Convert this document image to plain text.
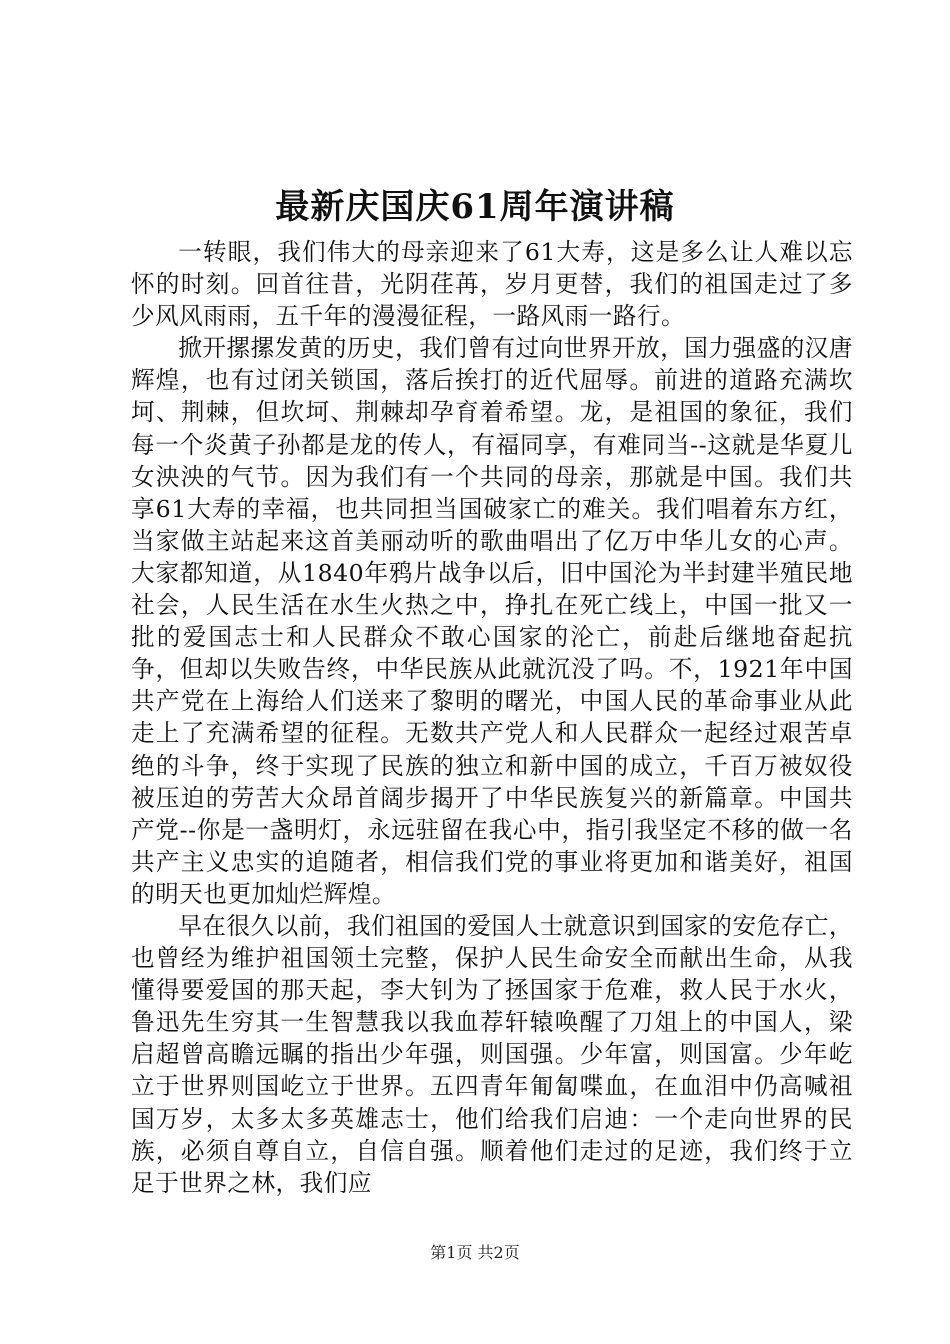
最新庆国庆61周年演讲稿

一转眼，我们伟大的母亲迎来了61大寿，这是多么让人难以忘怀的时刻。回首往昔，光阴荏苒，岁月更替，我们的祖国走过了多少风风雨雨，五千年的漫漫征程，一路风雨一路行。

掀开摞摞发黄的历史，我们曾有过向世界开放，国力强盛的汉唐辉煌，也有过闭关锁国，落后挨打的近代屈辱。前进的道路充满坎坷、荆棘，但坎坷、荆棘却孕育着希望。龙，是祖国的象征，我们每一个炎黄子孙都是龙的传人，有福同享，有难同当--这就是华夏儿女泱泱的气节。因为我们有一个共同的母亲，那就是中国。我们共享61大寿的幸福，也共同担当国破家亡的难关。我们唱着东方红，当家做主站起来这首美丽动听的歌曲唱出了亿万中华儿女的心声。大家都知道，从1840年鸦片战争以后，旧中国沦为半封建半殖民地社会，人民生活在水生火热之中，挣扎在死亡线上，中国一批又一批的爱国志士和人民群众不敢心国家的沦亡，前赴后继地奋起抗争，但却以失败告终，中华民族从此就沉没了吗。不，1921年中国共产党在上海给人们送来了黎明的曙光，中国人民的革命事业从此走上了充满希望的征程。无数共产党人和人民群众一起经过艰苦卓绝的斗争，终于实现了民族的独立和新中国的成立，千百万被奴役被压迫的劳苦大众昂首阔步揭开了中华民族复兴的新篇章。中国共产党--你是一盏明灯，永远驻留在我心中，指引我坚定不移的做一名共产主义忠实的追随者，相信我们党的事业将更加和谐美好，祖国的明天也更加灿烂辉煌。

早在很久以前，我们祖国的爱国人士就意识到国家的安危存亡，也曾经为维护祖国领土完整，保护人民生命安全而献出生命，从我懂得要爱国的那天起，李大钊为了拯国家于危难，救人民于水火，鲁迅先生穷其一生智慧我以我血荐轩辕唤醒了刀俎上的中国人，梁启超曾高瞻远瞩的指出少年强，则国强。少年富，则国富。少年屹立于世界则国屹立于世界。五四青年匍匐喋血，在血泪中仍高喊祖国万岁，太多太多英雄志士，他们给我们启迪：一个走向世界的民族，必须自尊自立，自信自强。顺着他们走过的足迹，我们终于立足于世界之林，我们应

第1页 共2页
